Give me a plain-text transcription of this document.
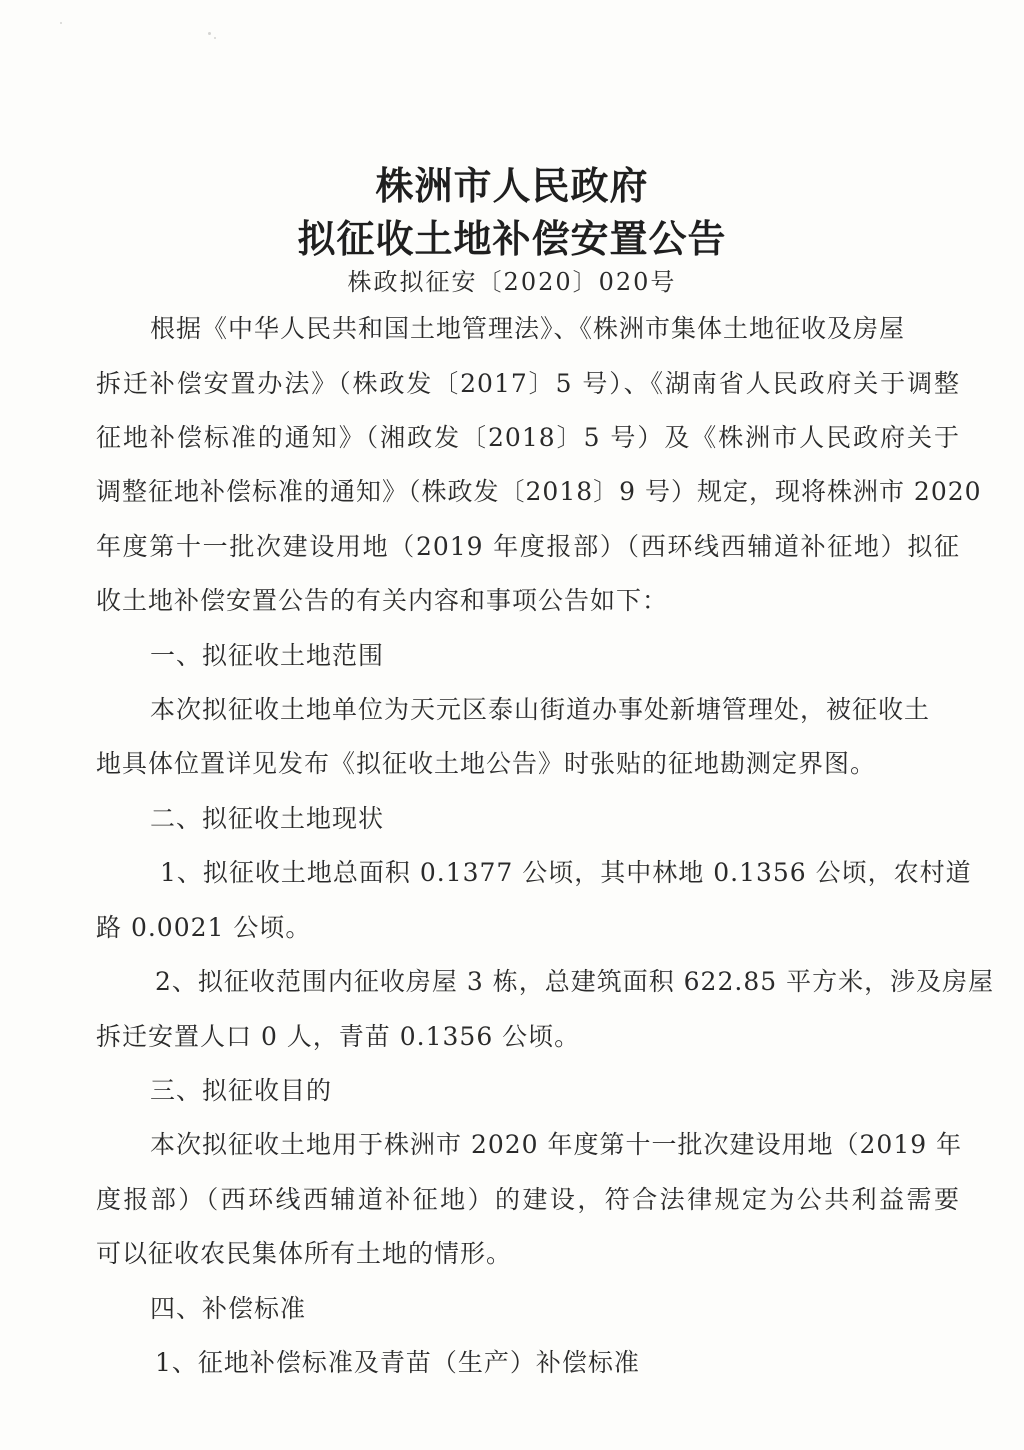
株洲市人民政府
拟征收土地补偿安置公告
株政拟征安〔2020〕020号
根据《中华人民共和国土地管理法》、《株洲市集体土地征收及房屋
拆迁补偿安置办法》（株政发〔2017〕5 号）、《湖南省人民政府关于调整
征地补偿标准的通知》（湘政发〔2018〕5 号）及《株洲市人民政府关于
调整征地补偿标准的通知》（株政发〔2018〕9 号）规定，现将株洲市 2020
年度第十一批次建设用地（2019 年度报部）（西环线西辅道补征地）拟征
收土地补偿安置公告的有关内容和事项公告如下：
一、拟征收土地范围
本次拟征收土地单位为天元区泰山街道办事处新塘管理处，被征收土
地具体位置详见发布《拟征收土地公告》时张贴的征地勘测定界图。
二、拟征收土地现状
1、拟征收土地总面积 0.1377 公顷，其中林地 0.1356 公顷，农村道
路 0.0021 公顷。
2、拟征收范围内征收房屋 3 栋，总建筑面积 622.85 平方米，涉及房屋
拆迁安置人口 0 人，青苗 0.1356 公顷。
三、拟征收目的
本次拟征收土地用于株洲市 2020 年度第十一批次建设用地（2019 年
度报部）（西环线西辅道补征地）的建设，符合法律规定为公共利益需要
可以征收农民集体所有土地的情形。
四、补偿标准
1、征地补偿标准及青苗（生产）补偿标准
